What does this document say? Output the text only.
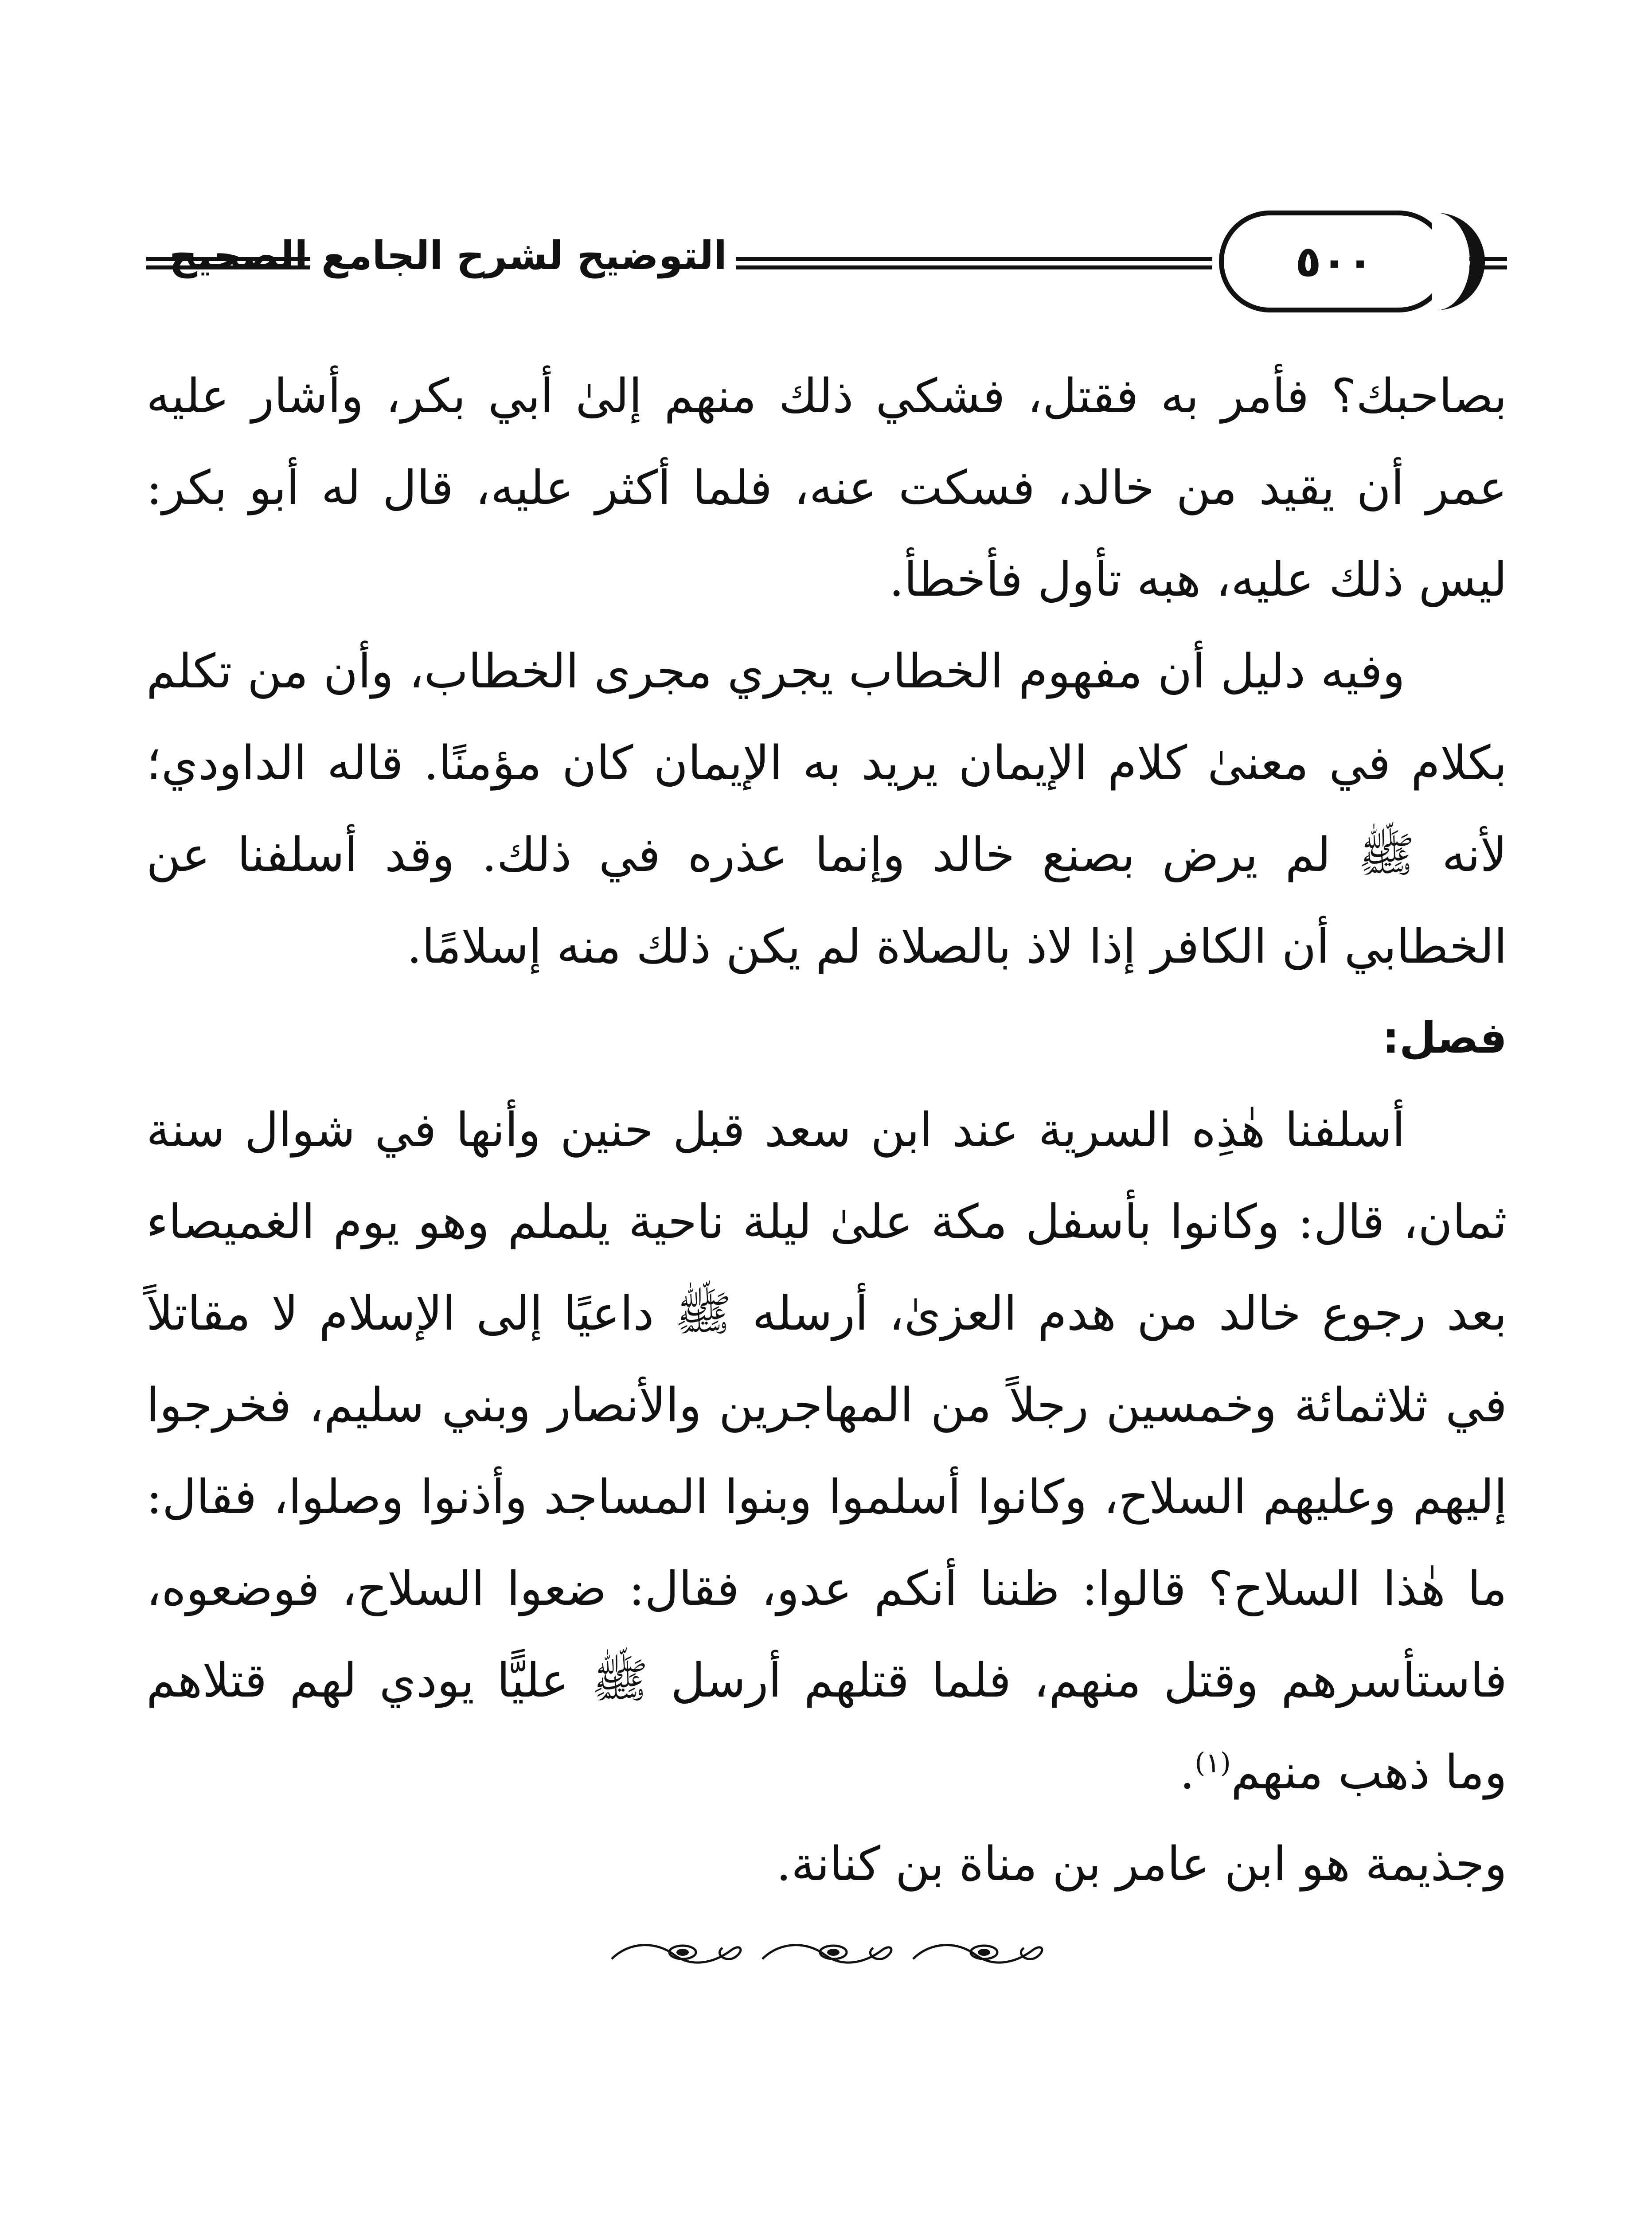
التوضيح لشرح الجامع الصحيح	٥٠٠

بصاحبك؟ فأمر به فقتل، فشكي ذلك منهم إلىٰ أبي بكر، وأشار عليه عمر أن يقيد من خالد، فسكت عنه، فلما أكثر عليه، قال له أبو بكر: ليس ذلك عليه، هبه تأول فأخطأ.

وفيه دليل أن مفهوم الخطاب يجري مجرى الخطاب، وأن من تكلم بكلام في معنىٰ كلام الإيمان يريد به الإيمان كان مؤمنًا. قاله الداودي؛ لأنه ﷺ لم يرض بصنع خالد وإنما عذره في ذلك. وقد أسلفنا عن الخطابي أن الكافر إذا لاذ بالصلاة لم يكن ذلك منه إسلامًا.

فصل:

أسلفنا هٰذِه السرية عند ابن سعد قبل حنين وأنها في شوال سنة ثمان، قال: وكانوا بأسفل مكة علىٰ ليلة ناحية يلملم وهو يوم الغميصاء بعد رجوع خالد من هدم العزىٰ، أرسله ﷺ داعيًا إلى الإسلام لا مقاتلاً في ثلاثمائة وخمسين رجلاً من المهاجرين والأنصار وبني سليم، فخرجوا إليهم وعليهم السلاح، وكانوا أسلموا وبنوا المساجد وأذنوا وصلوا، فقال: ما هٰذا السلاح؟ قالوا: ظننا أنكم عدو، فقال: ضعوا السلاح، فوضعوه، فاستأسرهم وقتل منهم، فلما قتلهم أرسل ﷺ عليًّا يودي لهم قتلاهم وما ذهب منهم$^{(١)}$.

وجذيمة هو ابن عامر بن مناة بن كنانة.
